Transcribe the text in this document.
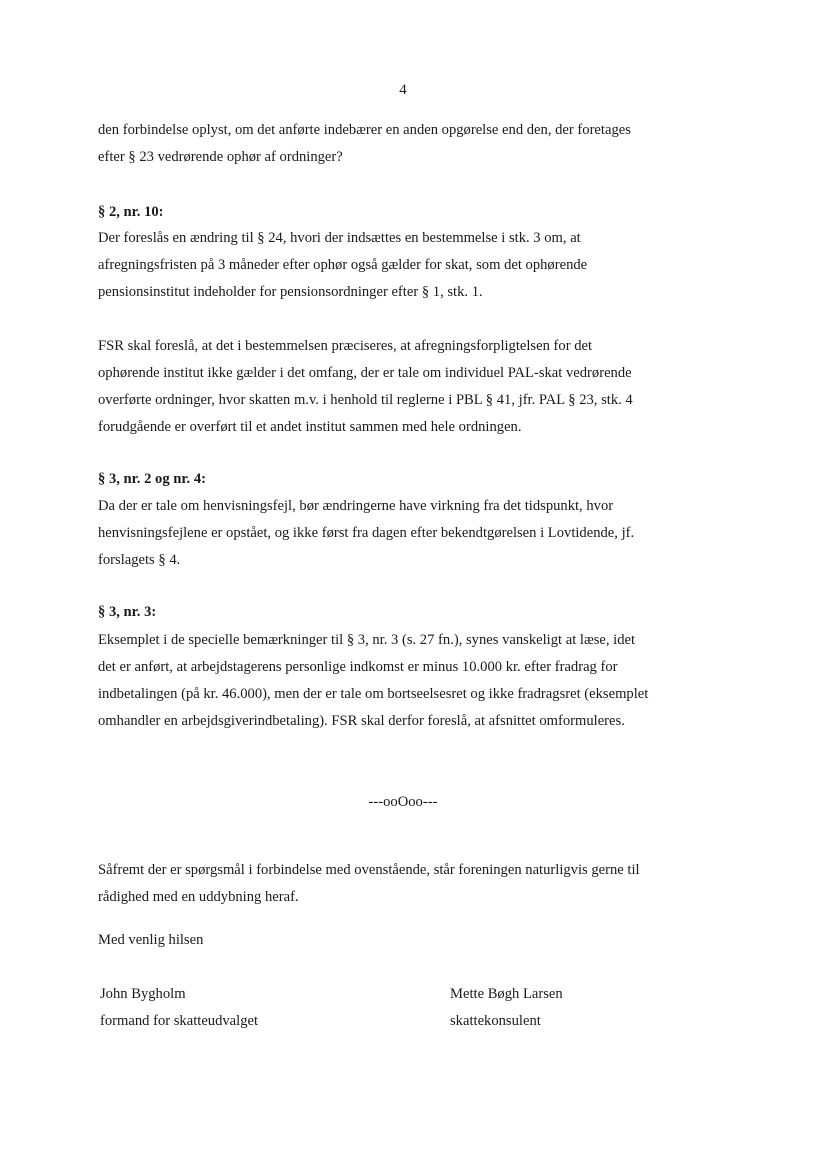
4
den forbindelse oplyst, om det anførte indebærer en anden opgørelse end den, der foretages
efter § 23 vedrørende ophør af ordninger?
§ 2, nr. 10:
Der foreslås en ændring til § 24, hvori der indsættes en bestemmelse i stk. 3 om, at
afregningsfristen på 3 måneder efter ophør også gælder for skat, som det ophørende
pensionsinstitut indeholder for pensionsordninger efter § 1, stk. 1.
FSR skal foreslå, at det i bestemmelsen præciseres, at afregningsforpligtelsen for det
ophørende institut ikke gælder i det omfang, der er tale om individuel PAL-skat vedrørende
overførte ordninger, hvor skatten m.v. i henhold til reglerne i PBL § 41, jfr. PAL § 23, stk. 4
forudgående er overført til et andet institut sammen med hele ordningen.
§ 3, nr. 2 og nr. 4:
Da der er tale om henvisningsfejl, bør ændringerne have virkning fra det tidspunkt, hvor
henvisningsfejlene er opstået, og ikke først fra dagen efter bekendtgørelsen i Lovtidende, jf.
forslagets § 4.
§ 3, nr. 3:
Eksemplet i de specielle bemærkninger til § 3, nr. 3 (s. 27 fn.), synes vanskeligt at læse, idet
det er anført, at arbejdstagerens personlige indkomst er minus 10.000 kr. efter fradrag for
indbetalingen (på kr. 46.000), men der er tale om bortseelsesret og ikke fradragsret (eksemplet
omhandler en arbejdsgiverindbetaling). FSR skal derfor foreslå, at afsnittet omformuleres.
---ooOoo---
Såfremt der er spørgsmål i forbindelse med ovenstående, står foreningen naturligvis gerne til
rådighed med en uddybning heraf.
Med venlig hilsen
John Bygholm
formand for skatteudvalget
Mette Bøgh Larsen
skattekonsulent
